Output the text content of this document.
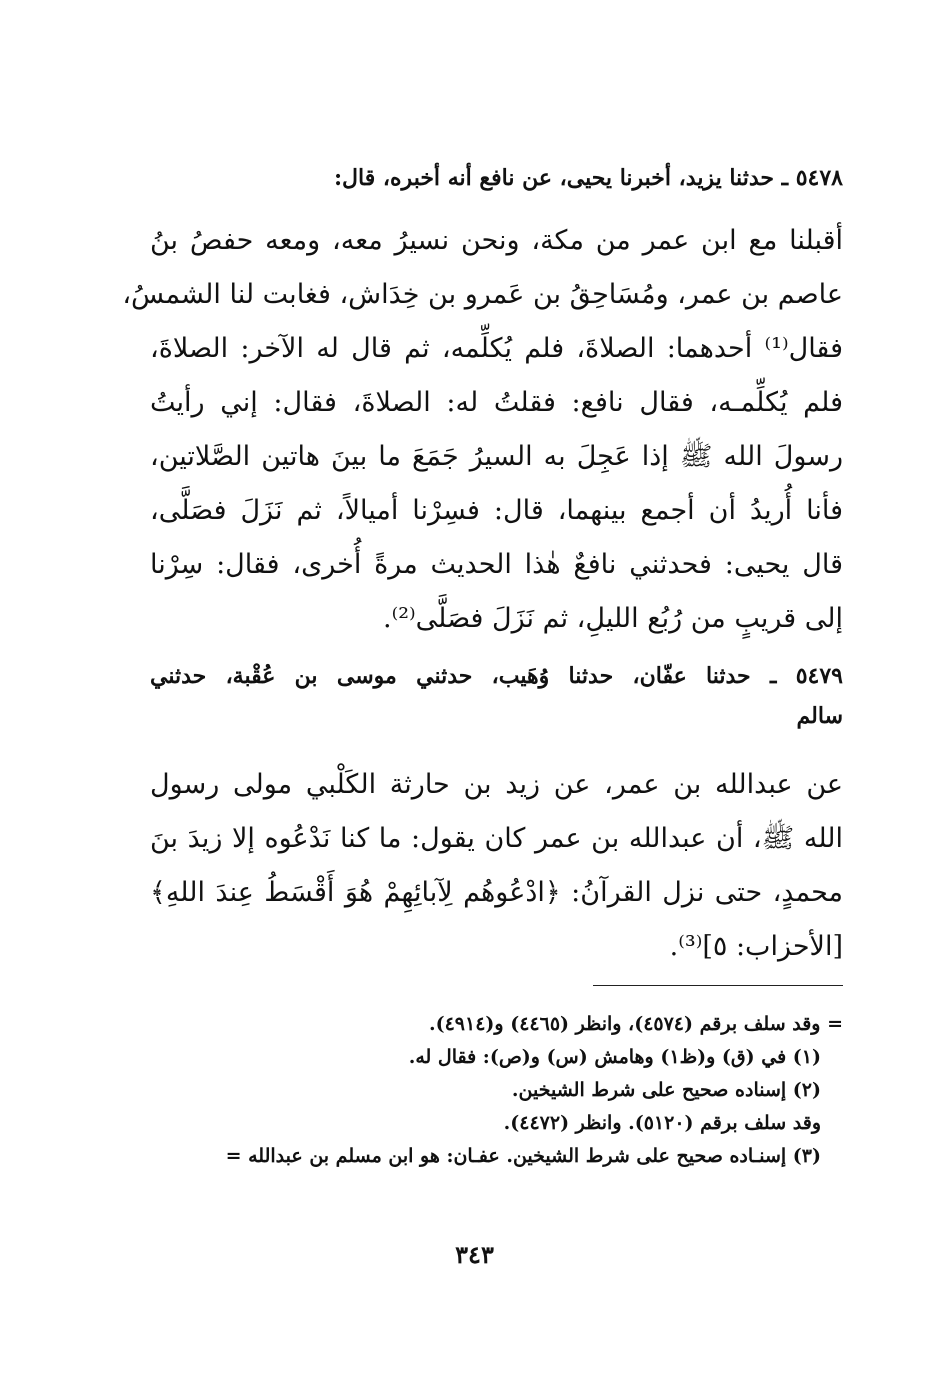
٥٤٧٨ ـ حدثنا يزيد، أخبرنا يحيى، عن نافع أنه أخبره، قال:
أقبلنا مع ابن عمر من مكة، ونحن نسيرُ معه، ومعه حفصُ بنُ
عاصم بن عمر، ومُسَاحِقُ بن عَمرو بن خِدَاش، فغابت لنا الشمسُ،
فقال⁽¹⁾ أحدهما: الصلاةَ، فلم يُكلِّمه، ثم قال له الآخر: الصلاةَ،
فلم يُكلِّمـه، فقال نافع: فقلتُ له: الصلاةَ، فقال: إني رأيتُ
رسولَ الله ﷺ إذا عَجِلَ به السيرُ جَمَعَ ما بينَ هاتين الصَّلاتين،
فأنا أُريدُ أن أجمع بينهما، قال: فسِرْنا أميالاً، ثم نَزَلَ فصَلَّى،
قال يحيى: فحدثني نافعٌ هٰذا الحديث مرةً أُخرى، فقال: سِرْنا
إلى قريبٍ من رُبُع الليلِ، ثم نَزَلَ فصَلَّى⁽²⁾.
٥٤٧٩ ـ حدثنا عفّان، حدثنا وُهَيب، حدثني موسى بن عُقْبة، حدثني
سالم
عن عبدالله بن عمر، عن زيد بن حارثة الكَلْبي مولى رسول
الله ﷺ، أن عبدالله بن عمر كان يقول: ما كنا نَدْعُوه إلا زيدَ بنَ
محمدٍ، حتى نزل القرآنُ: ﴿ادْعُوهُم لِآبائِهِمْ هُوَ أَقْسَطُ عِندَ اللهِ﴾
[الأحزاب: ٥]⁽³⁾.
= وقد سلف برقم (٤٥٧٤)، وانظر (٤٤٦٥) و(٤٩١٤).
(١) في (ق) و(ظ١) وهامش (س) و(ص): فقال له.
(٢) إسناده صحيح على شرط الشيخين.
وقد سلف برقم (٥١٢٠). وانظر (٤٤٧٢).
(٣) إسنـاده صحيح على شرط الشيخين. عفـان: هو ابن مسلم بن عبدالله =
٣٤٣
